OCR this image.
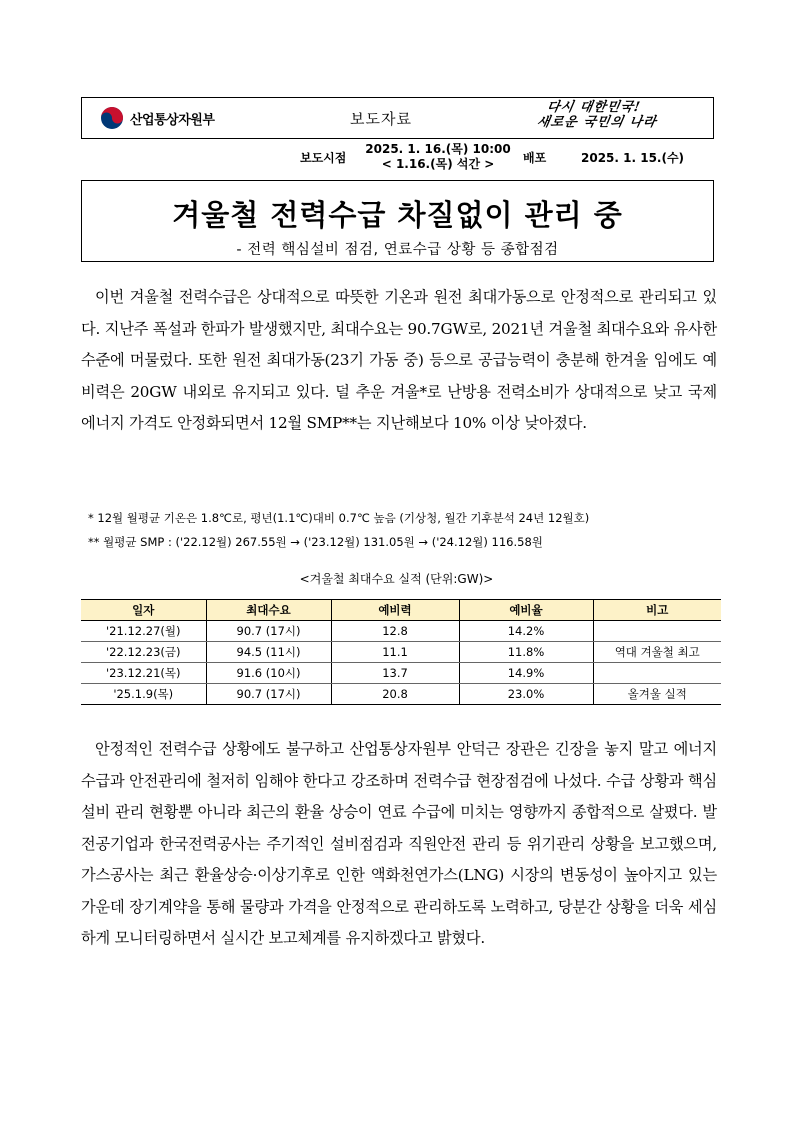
산업통상자원부	보도자료
다시 대한민국!
새로운 국민의 나라
보도시점
2025. 1. 16.(목) 10:00
< 1.16.(목) 석간 >	배포	2025. 1. 15.(수)
겨울철 전력수급 차질없이 관리 중
- 전력 핵심설비 점검, 연료수급 상황 등 종합점검

이번 겨울철 전력수급은 상대적으로 따뜻한 기온과 원전 최대가동으로 안정적으로 관리되고 있다. 지난주 폭설과 한파가 발생했지만, 최대수요는 90.7GW로, 2021년 겨울철 최대수요와 유사한 수준에 머물렀다. 또한 원전 최대가동(23기 가동 중) 등으로 공급능력이 충분해 한겨울 임에도 예비력은 20GW 내외로 유지되고 있다. 덜 추운 겨울*로 난방용 전력소비가 상대적으로 낮고 국제 에너지 가격도 안정화되면서 12월 SMP**는 지난해보다 10% 이상 낮아졌다.

* 12월 월평균 기온은 1.8℃로, 평년(1.1℃)대비 0.7℃ 높음 (기상청, 월간 기후분석 24년 12월호)
** 월평균 SMP : ('22.12월) 267.55원 → ('23.12월) 131.05원 → ('24.12월) 116.58원
<겨울철 최대수요 실적 (단위:GW)>
일자	최대수요	예비력	예비율	비고
'21.12.27(월)	90.7 (17시)	12.8	14.2%	
'22.12.23(금)	94.5 (11시)	11.1	11.8%	역대 겨울철 최고
'23.12.21(목)	91.6 (10시)	13.7	14.9%	
'25.1.9(목)	90.7 (17시)	20.8	23.0%	올겨울 실적

안정적인 전력수급 상황에도 불구하고 산업통상자원부 안덕근 장관은 긴장을 놓지 말고 에너지 수급과 안전관리에 철저히 임해야 한다고 강조하며 전력수급 현장점검에 나섰다. 수급 상황과 핵심설비 관리 현황뿐 아니라 최근의 환율 상승이 연료 수급에 미치는 영향까지 종합적으로 살폈다. 발전공기업과 한국전력공사는 주기적인 설비점검과 직원안전 관리 등 위기관리 상황을 보고했으며, 가스공사는 최근 환율상승·이상기후로 인한 액화천연가스(LNG) 시장의 변동성이 높아지고 있는 가운데 장기계약을 통해 물량과 가격을 안정적으로 관리하도록 노력하고, 당분간 상황을 더욱 세심하게 모니터링하면서 실시간 보고체계를 유지하겠다고 밝혔다.
